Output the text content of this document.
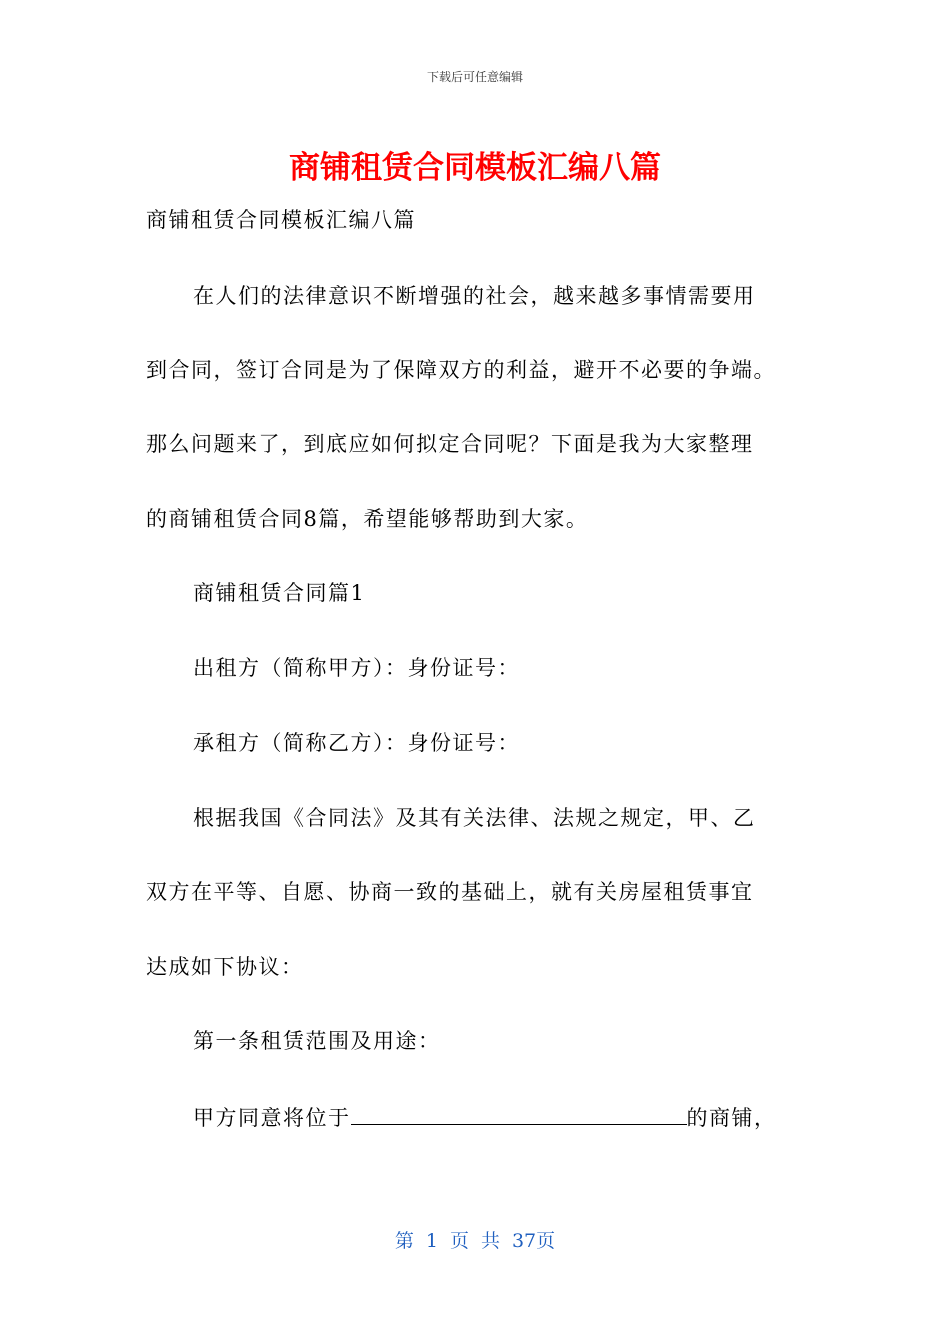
下载后可任意编辑
商铺租赁合同模板汇编八篇
商铺租赁合同模板汇编八篇
在人们的法律意识不断增强的社会，越来越多事情需要用
到合同，签订合同是为了保障双方的利益，避开不必要的争端。
那么问题来了，到底应如何拟定合同呢？下面是我为大家整理
的商铺租赁合同8篇，希望能够帮助到大家。
商铺租赁合同篇1
出租方（简称甲方）：身份证号：
承租方（简称乙方）：身份证号：
根据我国《合同法》及其有关法律、法规之规定，甲、乙
双方在平等、自愿、协商一致的基础上，就有关房屋租赁事宜
达成如下协议：
第一条租赁范围及用途：
甲方同意将位于	的商铺，
第 1 页 共 37页
